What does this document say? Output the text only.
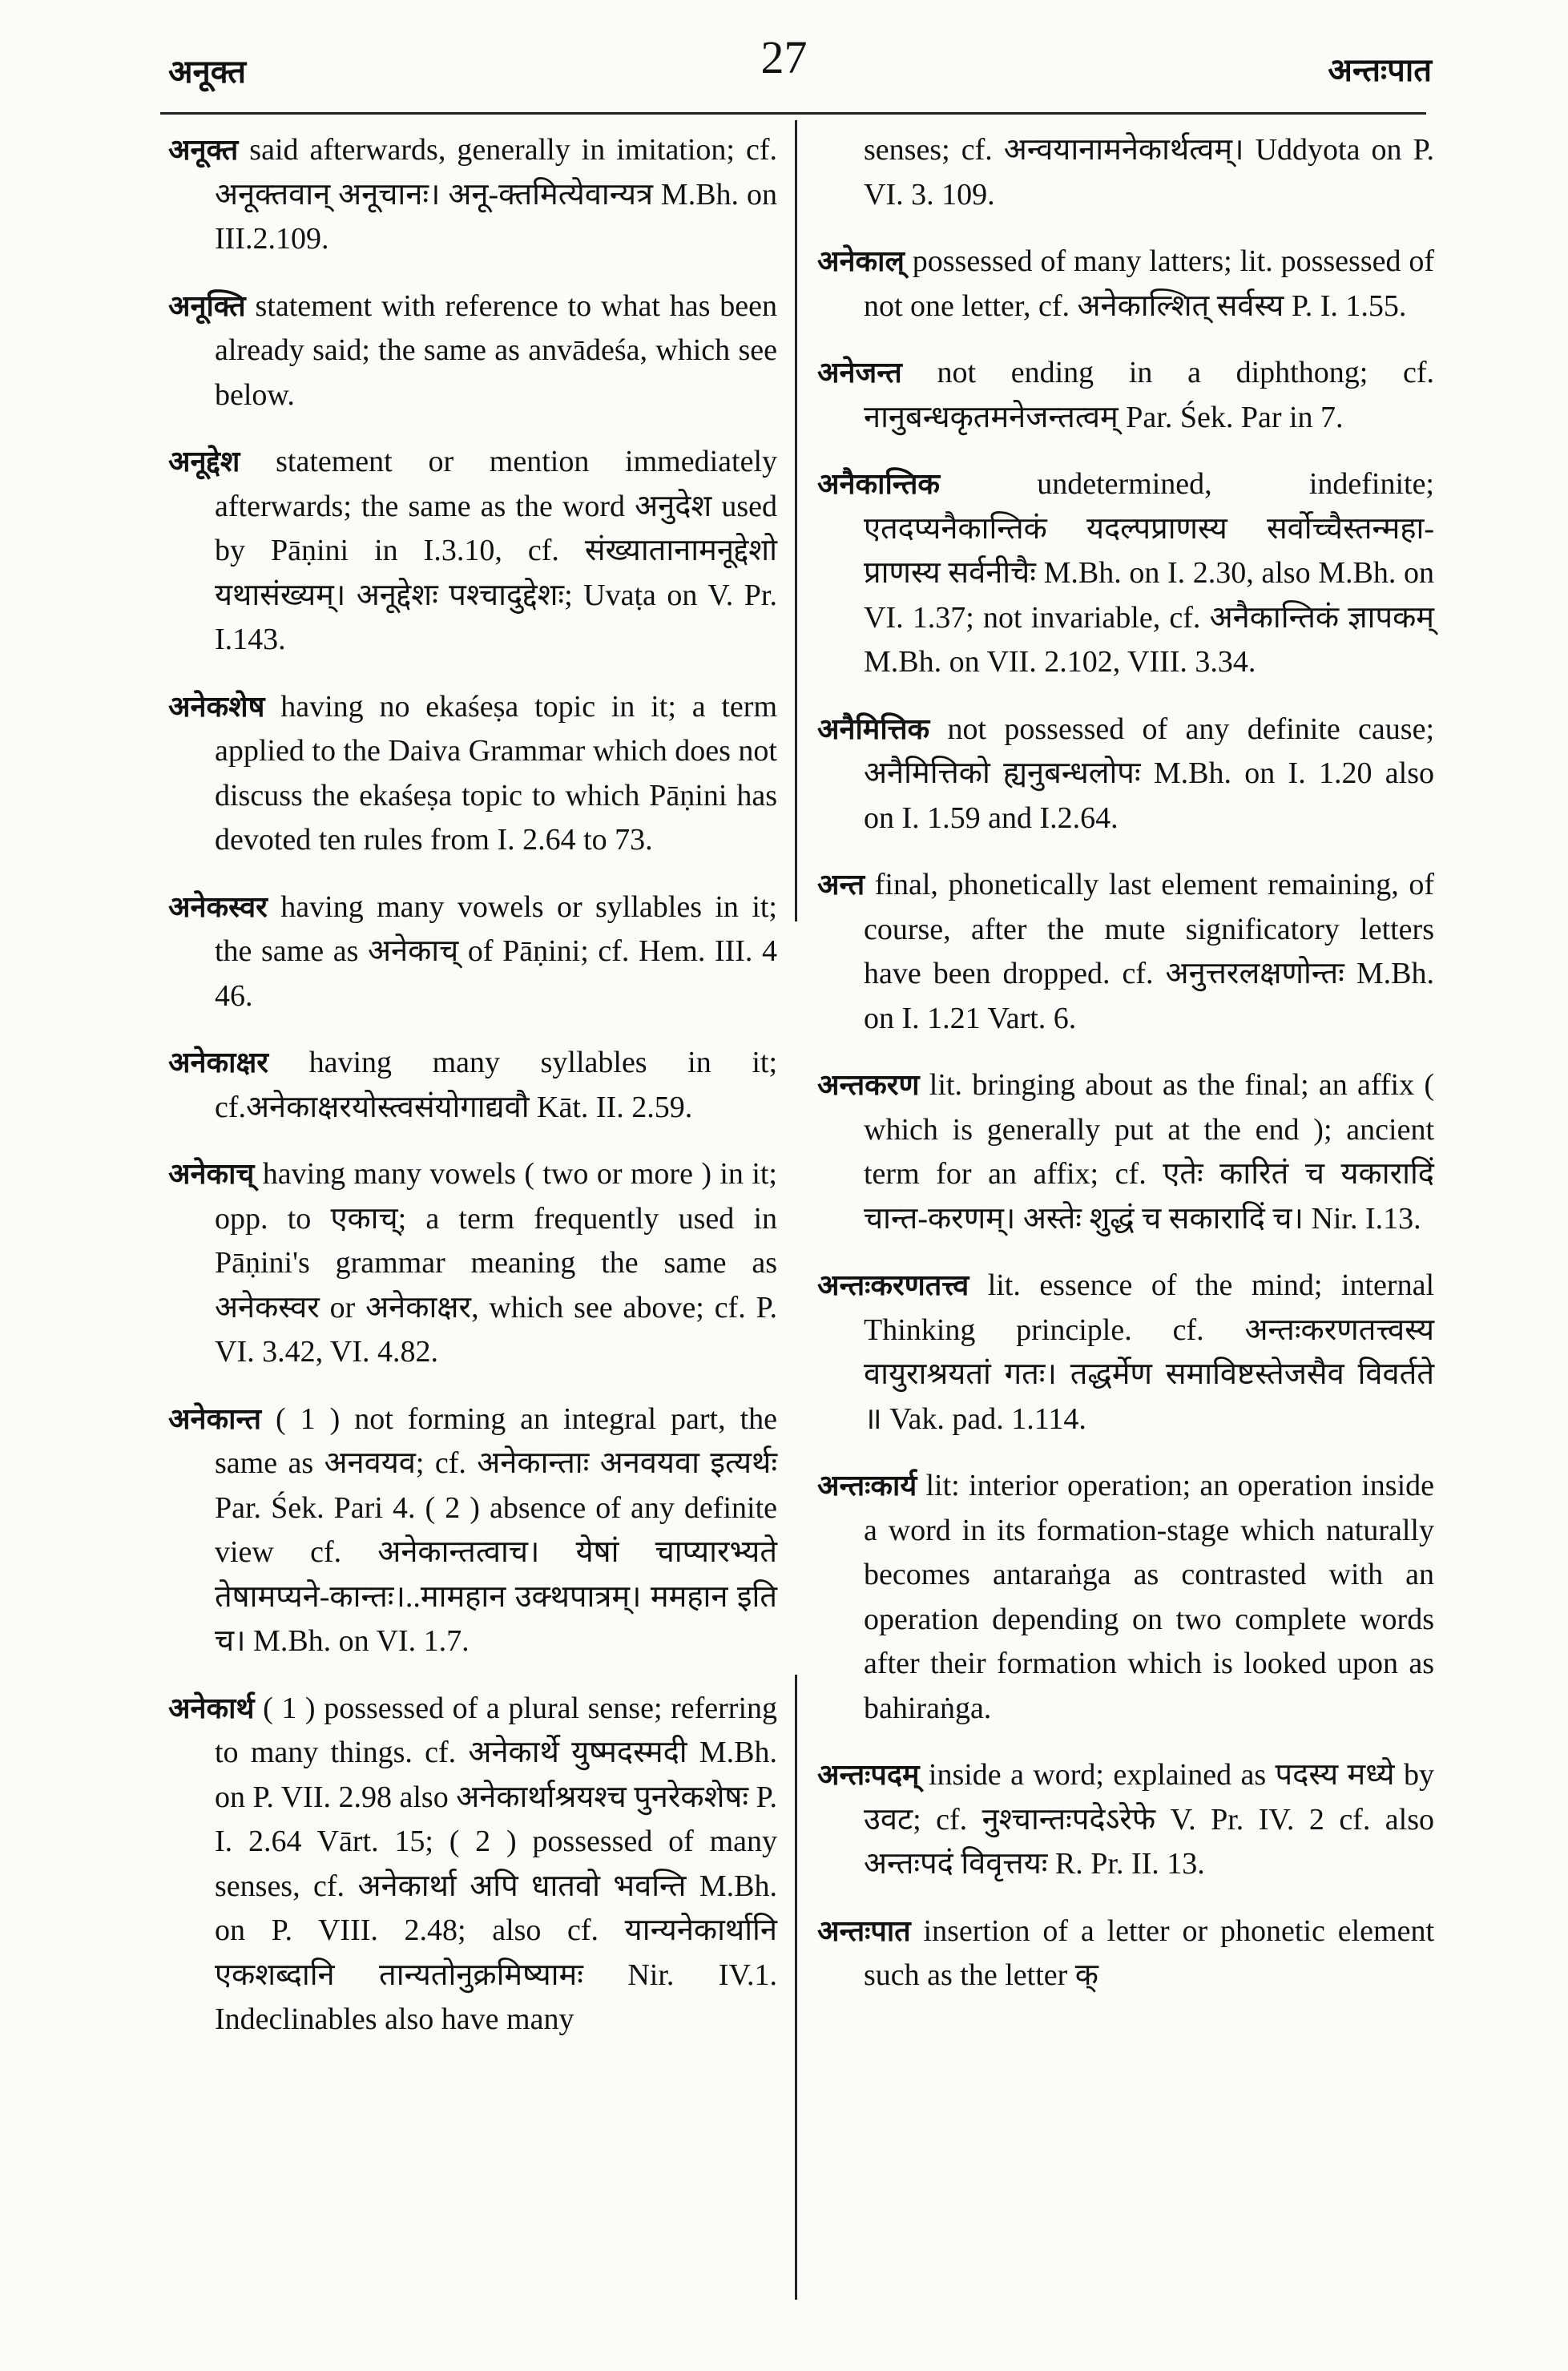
अनूक्त	27	अन्तःपात

अनूक्त said afterwards, generally in imitation; cf. अनूक्तवान् अनूचानः। अनू-क्तमित्येवान्यत्र M.Bh. on III.2.109.

अनूक्ति statement with reference to what has been already said; the same as anvādeśa, which see below.

अनूद्देश statement or mention immediately afterwards; the same as the word अनुदेश used by Pāṇini in I.3.10, cf. संख्यातानामनूद्देशो यथासंख्यम्। अनूद्देशः पश्चादुद्देशः; Uvaṭa on V. Pr. I.143.

अनेकशेष having no ekaśeṣa topic in it; a term applied to the Daiva Grammar which does not discuss the ekaśeṣa topic to which Pāṇini has devoted ten rules from I. 2.64 to 73.

अनेकस्वर having many vowels or syllables in it; the same as अनेकाच् of Pāṇini; cf. Hem. III. 4 46.

अनेकाक्षर having many syllables in it; cf.अनेकाक्षरयोस्त्वसंयोगाद्यवौ Kāt. II. 2.59.

अनेकाच् having many vowels ( two or more ) in it; opp. to एकाच्; a term frequently used in Pāṇini's grammar meaning the same as अनेकस्वर or अनेकाक्षर, which see above; cf. P. VI. 3.42, VI. 4.82.

अनेकान्त ( 1 ) not forming an integral part, the same as अनवयव; cf. अनेकान्ताः अनवयवा इत्यर्थः Par. Śek. Pari 4. ( 2 ) absence of any definite view cf. अनेकान्तत्वाच। येषां चाप्यारभ्यते तेषामप्यने-कान्तः।..मामहान उक्थपात्रम्। ममहान इति च। M.Bh. on VI. 1.7.

अनेकार्थ ( 1 ) possessed of a plural sense; referring to many things. cf. अनेकार्थे युष्मदस्मदी M.Bh. on P. VII. 2.98 also अनेकार्थाश्रयश्च पुनरेकशेषः P. I. 2.64 Vārt. 15; ( 2 ) possessed of many senses, cf. अनेकार्था अपि धातवो भवन्ति M.Bh. on P. VIII. 2.48; also cf. यान्यनेकार्थानि एकशब्दानि तान्यतोनुक्रमिष्यामः Nir. IV.1. Indeclinables also have many

senses; cf. अन्वयानामनेकार्थत्वम्। Uddyota on P. VI. 3. 109.

अनेकाल् possessed of many latters; lit. possessed of not one letter, cf. अनेकाल्शित् सर्वस्य P. I. 1.55.

अनेजन्त not ending in a diphthong; cf. नानुबन्धकृतमनेजन्तत्वम् Par. Śek. Par in 7.

अनैकान्तिक	undetermined, indefinite; एतदप्यनैकान्तिकं यदल्पप्राणस्य सर्वोच्चैस्तन्महा-प्राणस्य सर्वनीचैः M.Bh. on I. 2.30, also M.Bh. on VI. 1.37; not invariable, cf. अनैकान्तिकं ज्ञापकम् M.Bh. on VII. 2.102, VIII. 3.34.

अनैमित्तिक not possessed of any definite cause; अनैमित्तिको ह्यनुबन्धलोपः M.Bh. on I. 1.20 also on I. 1.59 and I.2.64.

अन्त final, phonetically last element remaining, of course, after the mute significatory letters have been dropped. cf. अनुत्तरलक्षणोन्तः M.Bh. on I. 1.21 Vart. 6.

अन्तकरण lit. bringing about as the final; an affix ( which is generally put at the end ); ancient term for an affix; cf. एतेः कारितं च यकारादिं चान्त-करणम्। अस्तेः शुद्धं च सकारादिं च। Nir. I.13.

अन्तःकरणतत्त्व lit. essence of the mind; internal Thinking principle. cf. अन्तःकरणतत्त्वस्य वायुराश्रयतां गतः। तद्धर्मेण समाविष्टस्तेजसैव विवर्तते ॥ Vak. pad. 1.114.

अन्तःकार्य lit: interior operation; an operation inside a word in its formation-stage which naturally becomes antaraṅga as contrasted with an operation depending on two complete words after their formation which is looked upon as bahiraṅga.

अन्तःपदम् inside a word; explained as पदस्य मध्ये by उवट; cf. नुश्चान्तःपदेऽरेफे V. Pr. IV. 2 cf. also अन्तःपदं विवृत्तयः R. Pr. II. 13.

अन्तःपात insertion of a letter or phonetic element such as the letter क्
